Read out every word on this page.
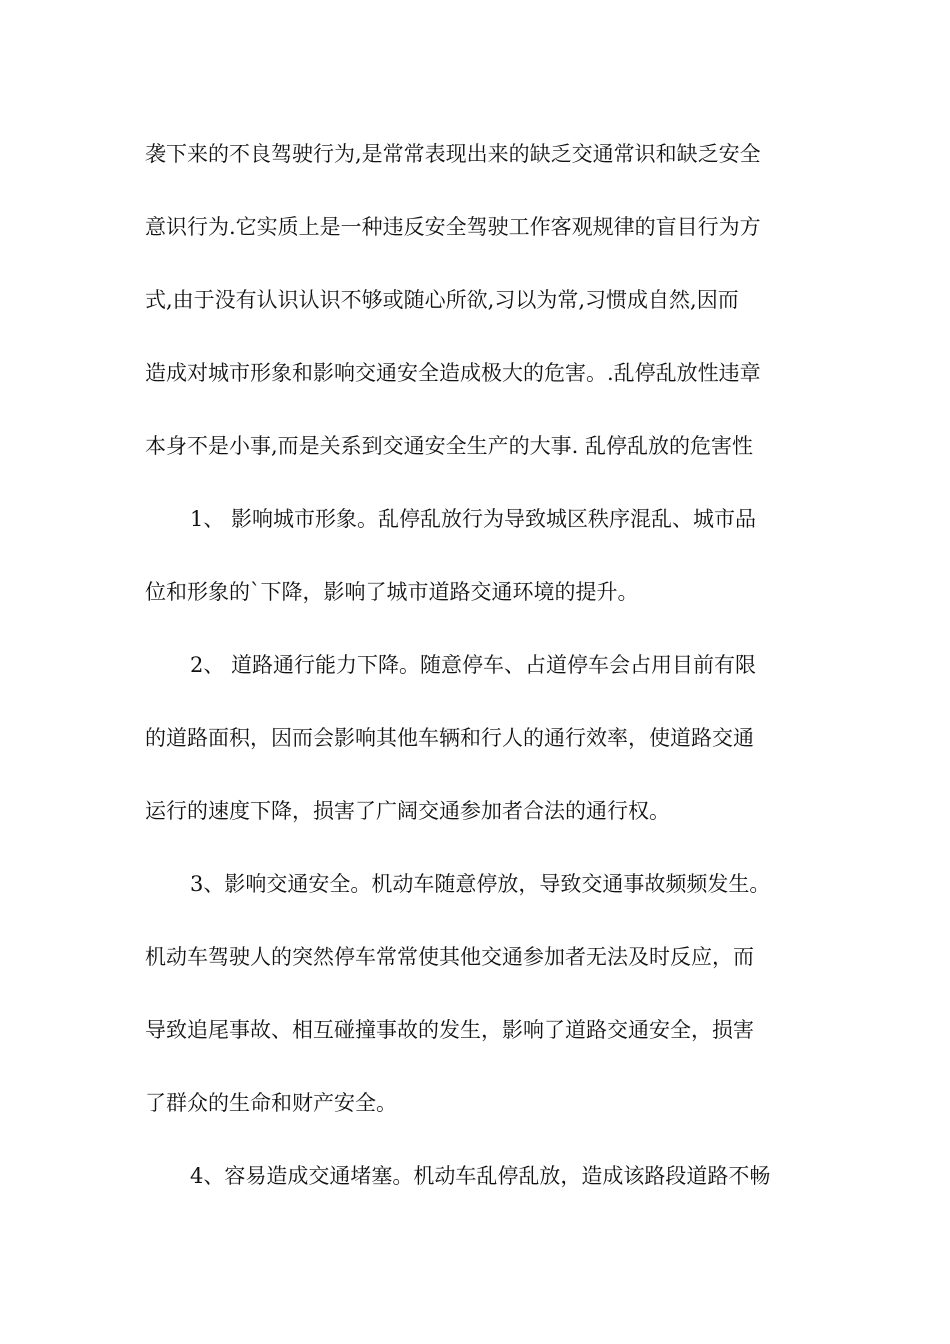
袭下来的不良驾驶行为,是常常表现出来的缺乏交通常识和缺乏安全
意识行为.它实质上是一种违反安全驾驶工作客观规律的盲目行为方
式,由于没有认识认识不够或随心所欲,习以为常,习惯成自然,因而
造成对城市形象和影响交通安全造成极大的危害。.乱停乱放性违章
本身不是小事,而是关系到交通安全生产的大事. 乱停乱放的危害性
1、 影响城市形象。乱停乱放行为导致城区秩序混乱、城市品
位和形象的`下降，影响了城市道路交通环境的提升。
2、 道路通行能力下降。随意停车、占道停车会占用目前有限
的道路面积，因而会影响其他车辆和行人的通行效率，使道路交通
运行的速度下降，损害了广阔交通参加者合法的通行权。
3、影响交通安全。机动车随意停放，导致交通事故频频发生。
机动车驾驶人的突然停车常常使其他交通参加者无法及时反应，而
导致追尾事故、相互碰撞事故的发生，影响了道路交通安全，损害
了群众的生命和财产安全。
4、容易造成交通堵塞。机动车乱停乱放，造成该路段道路不畅
